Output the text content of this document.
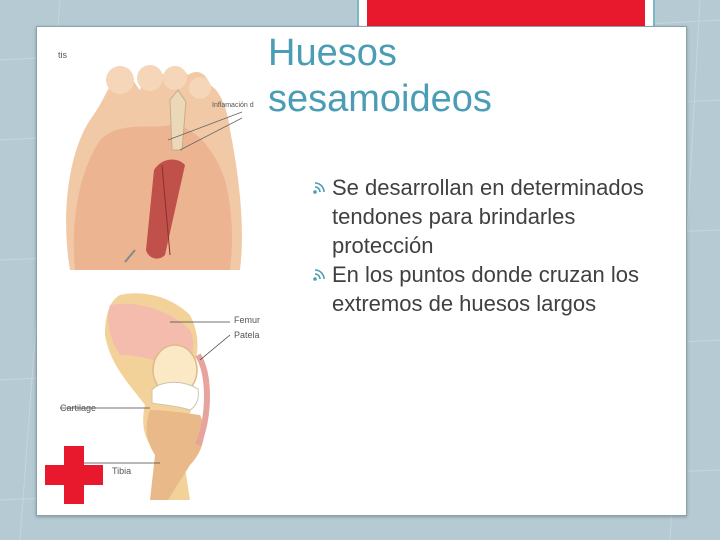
tis
Inflamación d
Femur
Patela
Cartilage
Tibia
Huesos sesamoideos
Se desarrollan en determinados tendones para brindarles protección
En los puntos donde cruzan los extremos de huesos largos
